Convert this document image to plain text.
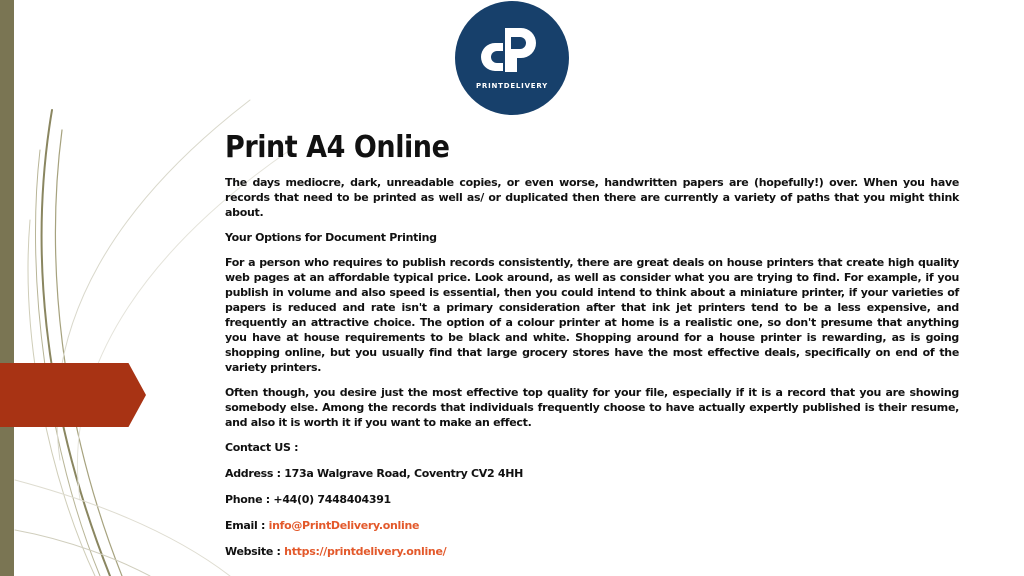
PRINTDELIVERY
Print A4 Online

The days mediocre, dark, unreadable copies, or even worse, handwritten papers are (hopefully!) over. When you have records that need to be printed as well as/ or duplicated then there are currently a variety of paths that you might think about.

Your Options for Document Printing

For a person who requires to publish records consistently, there are great deals on house printers that create high quality web pages at an affordable typical price. Look around, as well as consider what you are trying to find. For example, if you publish in volume and also speed is essential, then you could intend to think about a miniature printer, if your varieties of papers is reduced and rate isn't a primary consideration after that ink jet printers tend to be a less expensive, and frequently an attractive choice. The option of a colour printer at home is a realistic one, so don't presume that anything you have at house requirements to be black and white. Shopping around for a house printer is rewarding, as is going shopping online, but you usually find that large grocery stores have the most effective deals, specifically on end of the variety printers.

Often though, you desire just the most effective top quality for your file, especially if it is a record that you are showing somebody else. Among the records that individuals frequently choose to have actually expertly published is their resume, and also it is worth it if you want to make an effect.

Contact US :

Address : 173a Walgrave Road, Coventry CV2 4HH

Phone : +44(0) 7448404391

Email : info@PrintDelivery.online

Website : https://printdelivery.online/
